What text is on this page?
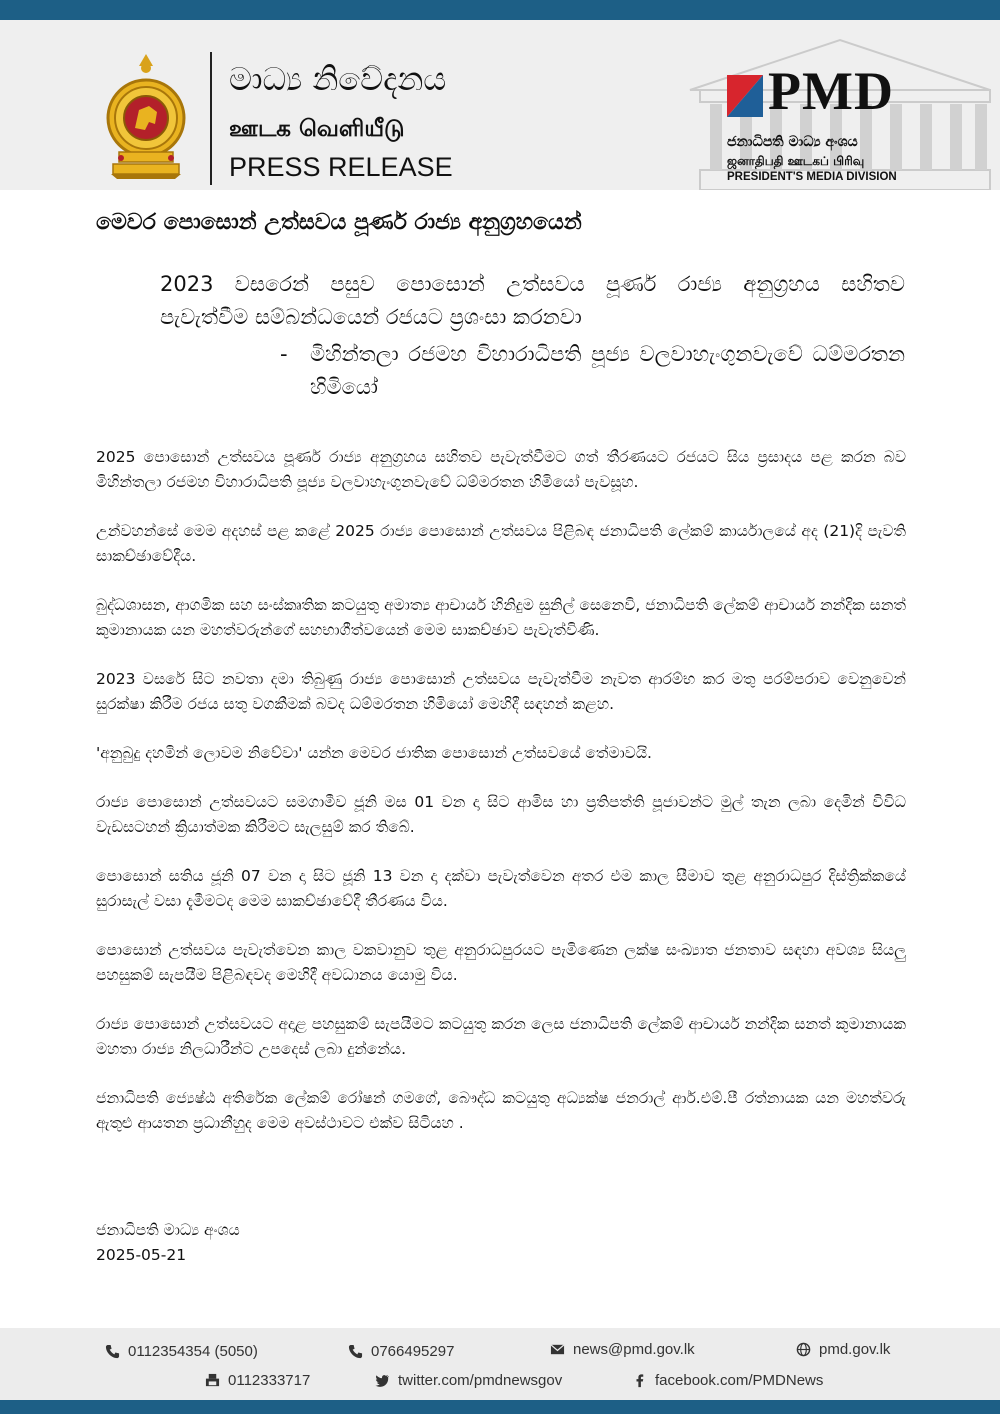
මාධ්‍ය නිවේදනය
ஊடக வெளியீடு
PRESS RELEASE
PMD
ජනාධිපති මාධ්‍ය අංශය
ஜனாதிபதி ஊடகப் பிரிவு
PRESIDENT'S MEDIA DIVISION
මෙවර පොසොන් උත්සවය පූර්ණ රාජ්‍ය අනුග්‍රහයෙන්
2023 වසරෙන් පසුව පොසොන් උත්සවය පූර්ණ රාජ්‍ය අනුග්‍රහය සහිතව
පැවැත්වීම සම්බන්ධයෙන් රජයට ප්‍රශංසා කරනවා
- මිහින්තලා රජමහ විහාරාධිපති පූජ්‍ය වලවාහැංගුනවැවේ ධම්මරතන හිමියෝ

2025 පොසොන් උත්සවය පූර්ණ රාජ්‍ය අනුග්‍රහය සහිතව පැවැත්වීමට ගත් තීරණයට රජයට සිය ප්‍රසාදය පළ කරන බව මිහින්තලා රජමහ විහාරාධිපති පූජ්‍ය වලවාහැංගුනවැවේ ධම්මරතන හිමියෝ පැවසූහ.

උන්වහන්සේ මෙම අදහස් පළ කළේ 2025 රාජ්‍ය පොසොන් උත්සවය පිළිබඳ ජනාධිපති ලේකම් කාර්යාලයේ අද (21)දි පැවති සාකච්ඡාවේදීය.

බුද්ධශාසන, ආගමික සහ සංස්කෘතික කටයුතු අමාත්‍ය ආචාර්ය හිනිදුම සුනිල් සෙනෙවි, ජනාධිපති ලේකම් ආචාර්ය නන්දික සනත් කුමානායක යන මහත්වරුන්ගේ සහභාගීත්වයෙන් මෙම සාකච්ඡාව පැවැත්විණි.

2023 වසරේ සිට නවතා දමා තිබුණු රාජ්‍ය පොසොන් උත්සවය පැවැත්වීම නැවත ආරම්භ කර මතු පරම්පරාව වෙනුවෙන් සුරක්ෂා කිරීම රජය සතු වගකීමක් බවද ධම්මරතන හිමියෝ මෙහිදී සඳහන් කළහ.

'අනුබුදු දහමින් ලොවම නිවේවා' යන්න මෙවර ජාතික පොසොන් උත්සවයේ තේමාවයි.

රාජ්‍ය පොසොන් උත්සවයට සමගාමීව ජූනි මස 01 වන දා සිට ආමිස හා ප්‍රතිපත්ති පූජාවන්ට මුල් තැන ලබා දෙමින් විවිධ වැඩසටහන් ක්‍රියාත්මක කිරීමට සැලසුම් කර තිබේ.

පොසොන් සතිය ජූනි 07 වන දා සිට ජූනි 13 වන දා දක්වා පැවැත්වෙන අතර එම කාල සීමාව තුළ අනුරාධපුර දිස්ත්‍රික්කයේ සුරාසැල් වසා දැමීමටද මෙම සාකච්ඡාවේදී තීරණය විය.

පොසොන් උත්සවය පැවැත්වෙන කාල වකවානුව තුළ අනුරාධපුරයට පැමිණෙන ලක්ෂ සංඛ්‍යාත ජනතාව සඳහා අවශ්‍ය සියලු පහසුකම් සැපයීම පිළිබඳවද මෙහිදී අවධානය යොමු විය.

රාජ්‍ය පොසොන් උත්සවයට අදාළ පහසුකම් සැපයීමට කටයුතු කරන ලෙස ජනාධිපති ලේකම් ආචාර්ය නන්දික සනත් කුමානායක මහතා රාජ්‍ය නිලධාරීන්ට උපදෙස් ලබා දුන්නේය.

ජනාධිපති ජ්‍යෙෂ්ඨ අතිරේක ලේකම් රෝෂන් ගමගේ, බෞද්ධ කටයුතු අධ්‍යක්ෂ ජනරාල් ආර්.එම්.පී රත්නායක යන මහත්වරු ඇතුළු ආයතන ප්‍රධානීහුද මෙම අවස්ථාවට එක්ව සිටියහ .

ජනාධිපති මාධ්‍ය අංශය
2025-05-21
0112354354 (5050)	0766495297	news@pmd.gov.lk	pmd.gov.lk
0112333717	twitter.com/pmdnewsgov	facebook.com/PMDNews
